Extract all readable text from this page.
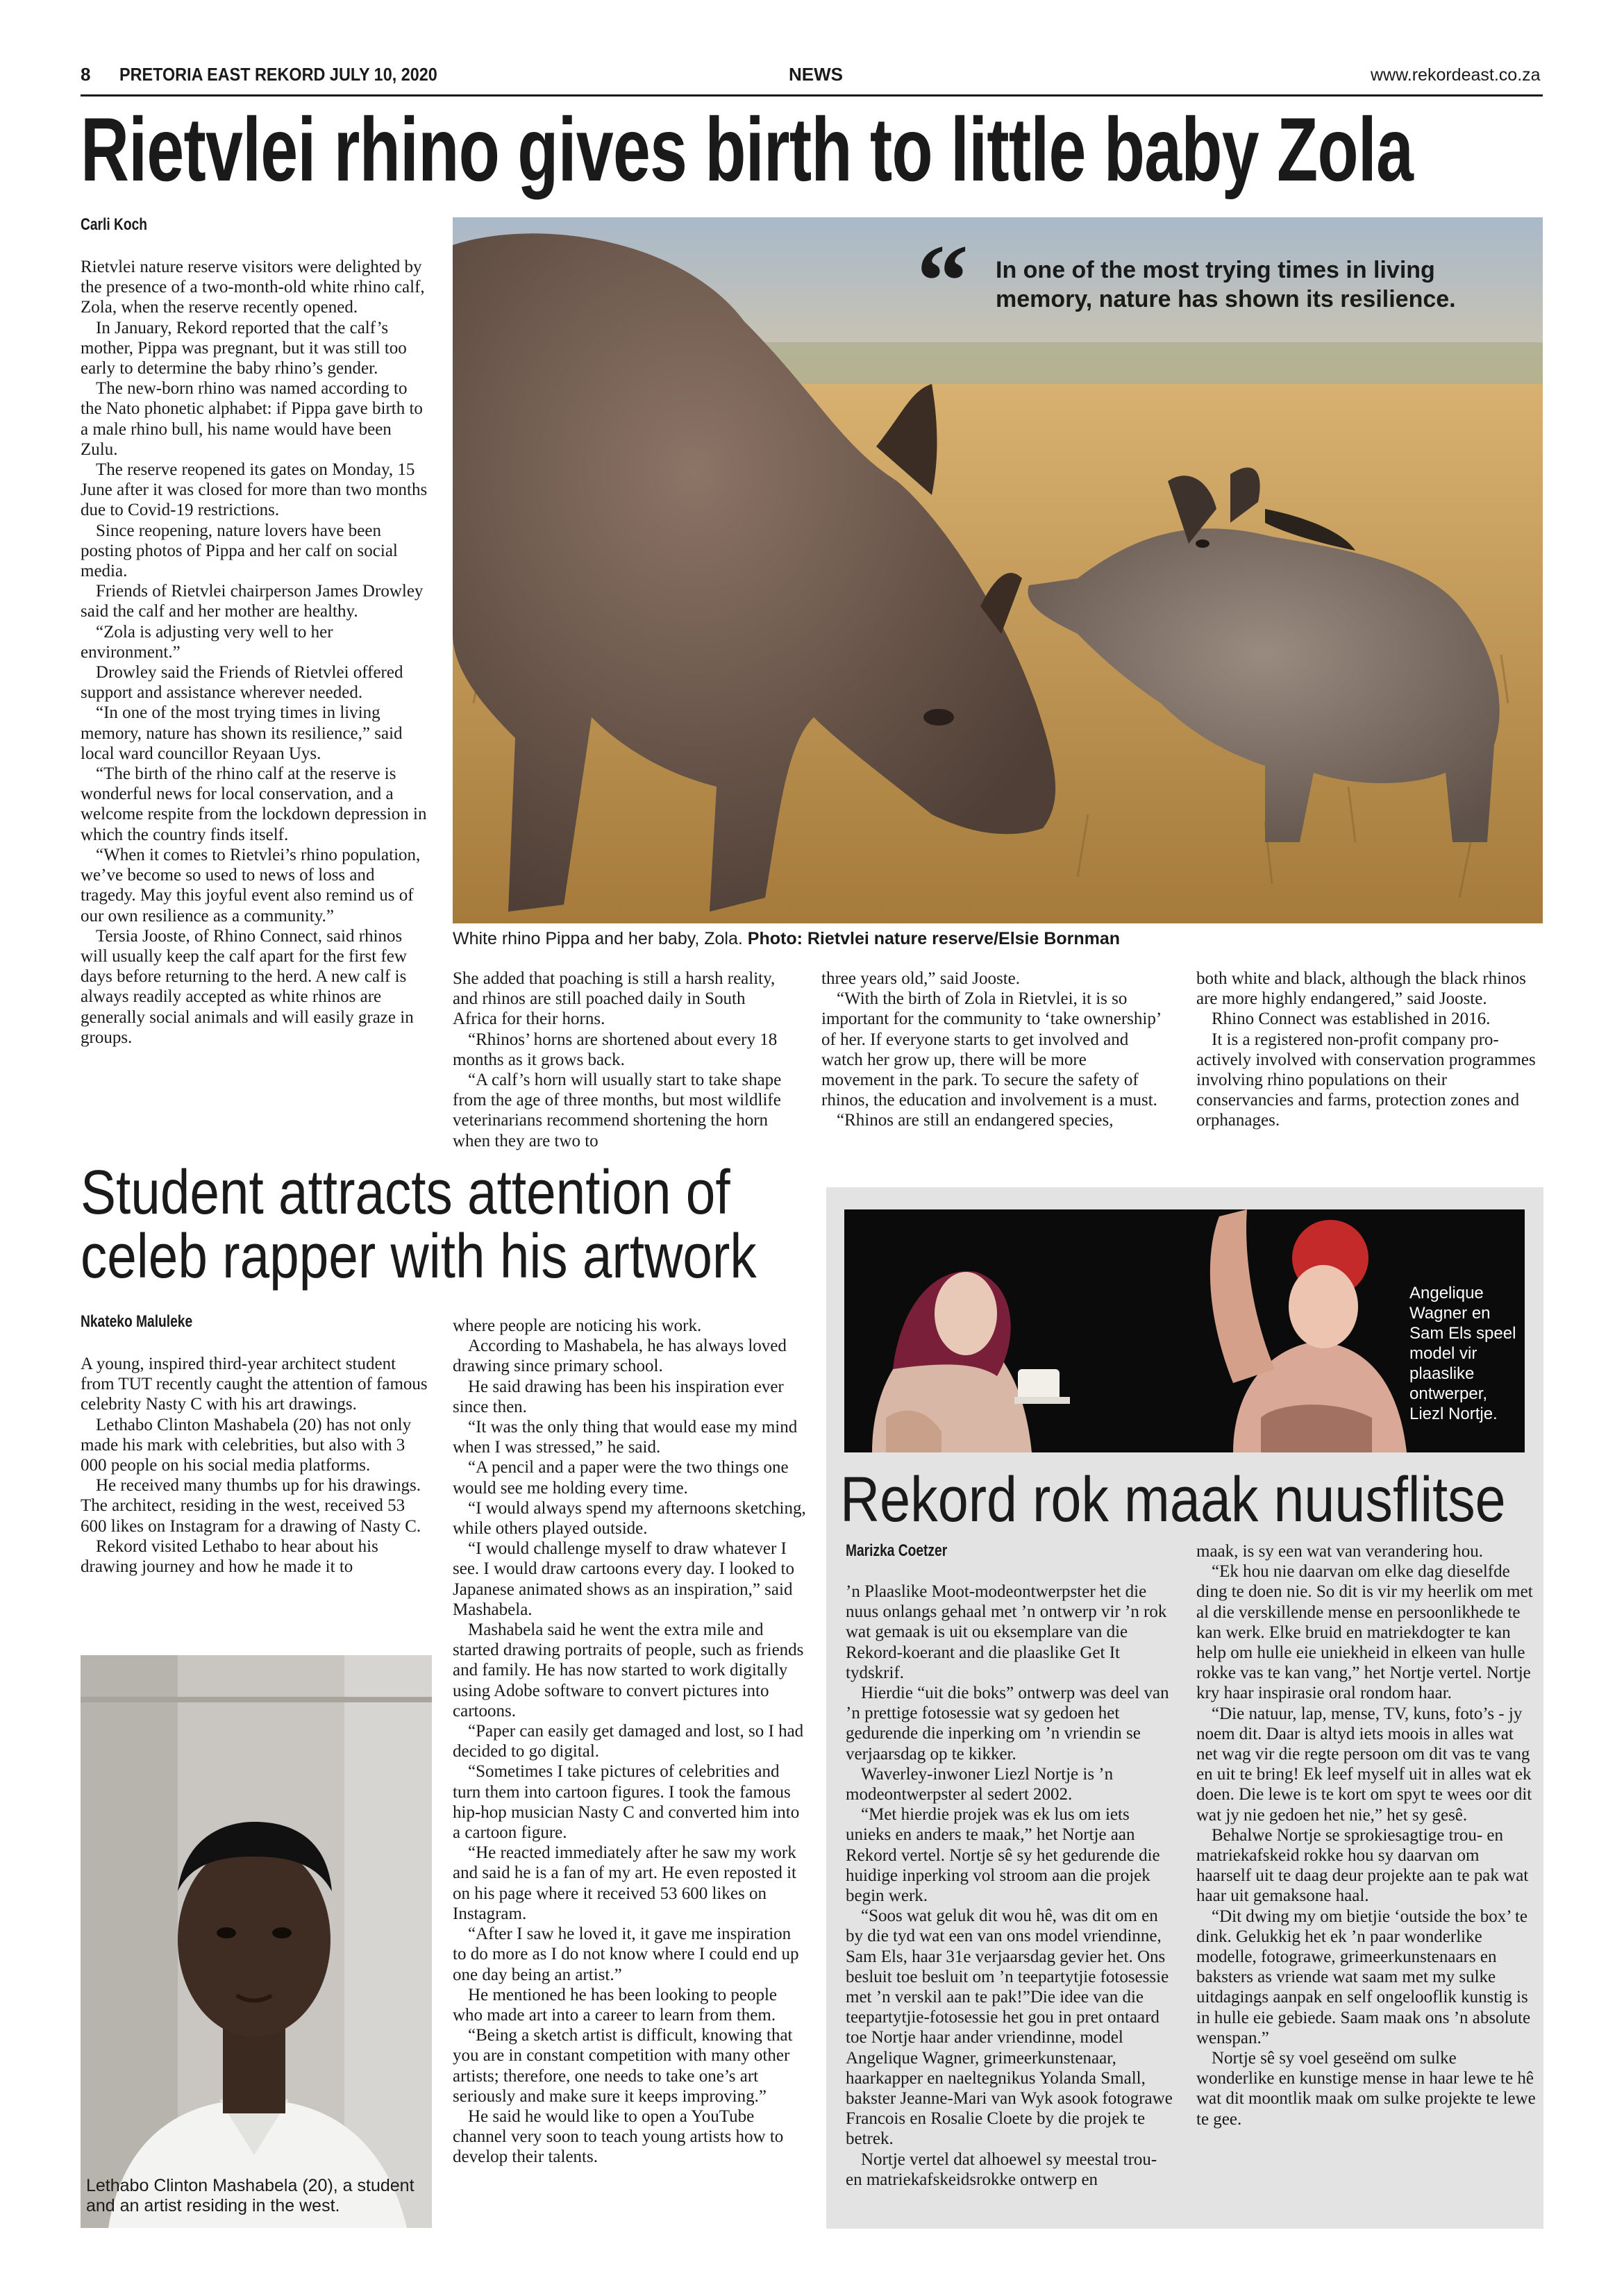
8 PRETORIA EAST REKORD JULY 10, 2020	NEWS	www.rekordeast.co.za
Rietvlei rhino gives birth to little baby Zola
Carli Koch

Rietvlei nature reserve visitors were delighted by the presence of a two-month-old white rhino calf, Zola, when the reserve recently opened.

In January, Rekord reported that the calf’s mother, Pippa was pregnant, but it was still too early to determine the baby rhino’s gender.

The new-born rhino was named according to the Nato phonetic alphabet: if Pippa gave birth to a male rhino bull, his name would have been Zulu.

The reserve reopened its gates on Monday, 15 June after it was closed for more than two months due to Covid-19 restrictions.

Since reopening, nature lovers have been posting photos of Pippa and her calf on social media.

Friends of Rietvlei chairperson James Drowley said the calf and her mother are healthy.

“Zola is adjusting very well to her environment.”

Drowley said the Friends of Rietvlei offered support and assistance wherever needed.

“In one of the most trying times in living memory, nature has shown its resilience,” said local ward councillor Reyaan Uys.

“The birth of the rhino calf at the reserve is wonderful news for local conservation, and a welcome respite from the lockdown depression in which the country finds itself.

“When it comes to Rietvlei’s rhino population, we’ve become so used to news of loss and tragedy. May this joyful event also remind us of our own resilience as a community.”

Tersia Jooste, of Rhino Connect, said rhinos will usually keep the calf apart for the first few days before returning to the herd. A new calf is always readily accepted as white rhinos are generally social animals and will easily graze in groups.

“ In one of the most trying times in living memory, nature has shown its resilience.
White rhino Pippa and her baby, Zola. Photo: Rietvlei nature reserve/Elsie Bornman

She added that poaching is still a harsh reality, and rhinos are still poached daily in South Africa for their horns.

“Rhinos’ horns are shortened about every 18 months as it grows back.

“A calf’s horn will usually start to take shape from the age of three months, but most wildlife veterinarians recommend shortening the horn when they are two to

three years old,” said Jooste.

“With the birth of Zola in Rietvlei, it is so important for the community to ‘take ownership’ of her. If everyone starts to get involved and watch her grow up, there will be more movement in the park. To secure the safety of rhinos, the education and involvement is a must.

“Rhinos are still an endangered species,

both white and black, although the black rhinos are more highly endangered,” said Jooste.

Rhino Connect was established in 2016.

It is a registered non-profit company pro-actively involved with conservation programmes involving rhino populations on their conservancies and farms, protection zones and orphanages.

Student attracts attention of
celeb rapper with his artwork
Nkateko Maluleke

A young, inspired third-year architect student from TUT recently caught the attention of famous celebrity Nasty C with his art drawings.

Lethabo Clinton Mashabela (20) has not only made his mark with celebrities, but also with 3 000 people on his social media platforms.

He received many thumbs up for his drawings. The architect, residing in the west, received 53 600 likes on Instagram for a drawing of Nasty C.

Rekord visited Lethabo to hear about his drawing journey and how he made it to

Lethabo Clinton Mashabela (20), a student and an artist residing in the west.

where people are noticing his work.

According to Mashabela, he has always loved drawing since primary school.

He said drawing has been his inspiration ever since then.

“It was the only thing that would ease my mind when I was stressed,” he said.

“A pencil and a paper were the two things one would see me holding every time.

“I would always spend my afternoons sketching, while others played outside.

“I would challenge myself to draw whatever I see. I would draw cartoons every day. I looked to Japanese animated shows as an inspiration,” said Mashabela.

Mashabela said he went the extra mile and started drawing portraits of people, such as friends and family. He has now started to work digitally using Adobe software to convert pictures into cartoons.

“Paper can easily get damaged and lost, so I had decided to go digital.

“Sometimes I take pictures of celebrities and turn them into cartoon figures. I took the famous hip-hop musician Nasty C and converted him into a cartoon figure.

“He reacted immediately after he saw my work and said he is a fan of my art. He even reposted it on his page where it received 53 600 likes on Instagram.

“After I saw he loved it, it gave me inspiration to do more as I do not know where I could end up one day being an artist.”

He mentioned he has been looking to people who made art into a career to learn from them.

“Being a sketch artist is difficult, knowing that you are in constant competition with many other artists; therefore, one needs to take one’s art seriously and make sure it keeps improving.”

He said he would like to open a YouTube channel very soon to teach young artists how to develop their talents.

Angelique Wagner en Sam Els speel model vir plaaslike ontwerper, Liezl Nortje.
Rekord rok maak nuusflitse
Marizka Coetzer

’n Plaaslike Moot-modeontwerpster het die nuus onlangs gehaal met ’n ontwerp vir ’n rok wat gemaak is uit ou eksemplare van die Rekord-koerant and die plaaslike Get It tydskrif.

Hierdie “uit die boks” ontwerp was deel van ’n prettige fotosessie wat sy gedoen het gedurende die inperking om ’n vriendin se verjaarsdag op te kikker.

Waverley-inwoner Liezl Nortje is ’n modeontwerpster al sedert 2002.

“Met hierdie projek was ek lus om iets unieks en anders te maak,” het Nortje aan Rekord vertel. Nortje sê sy het gedurende die huidige inperking vol stroom aan die projek begin werk.

“Soos wat geluk dit wou hê, was dit om en by die tyd wat een van ons model vriendinne, Sam Els, haar 31e verjaarsdag gevier het. Ons besluit toe besluit om ’n teepartytjie fotosessie met ’n verskil aan te pak!”Die idee van die teepartytjie-fotosessie het gou in pret ontaard toe Nortje haar ander vriendinne, model Angelique Wagner, grimeerkunstenaar, haarkapper en naeltegnikus Yolanda Small, bakster Jeanne-Mari van Wyk asook fotograwe Francois en Rosalie Cloete by die projek te betrek.

Nortje vertel dat alhoewel sy meestal trou- en matriekafskeidsrokke ontwerp en

maak, is sy een wat van verandering hou.

“Ek hou nie daarvan om elke dag dieselfde ding te doen nie. So dit is vir my heerlik om met al die verskillende mense en persoonlikhede te kan werk. Elke bruid en matriekdogter te kan help om hulle eie uniekheid in elkeen van hulle rokke vas te kan vang,” het Nortje vertel. Nortje kry haar inspirasie oral rondom haar.

“Die natuur, lap, mense, TV, kuns, foto’s - jy noem dit. Daar is altyd iets moois in alles wat net wag vir die regte persoon om dit vas te vang en uit te bring! Ek leef myself uit in alles wat ek doen. Die lewe is te kort om spyt te wees oor dit wat jy nie gedoen het nie,” het sy gesê.

Behalwe Nortje se sprokiesagtige trou- en matriekafskeid rokke hou sy daarvan om haarself uit te daag deur projekte aan te pak wat haar uit gemaksone haal.

“Dit dwing my om bietjie ‘outside the box’ te dink. Gelukkig het ek ’n paar wonderlike modelle, fotograwe, grimeerkunstenaars en baksters as vriende wat saam met my sulke uitdagings aanpak en self ongelooflik kunstig is in hulle eie gebiede. Saam maak ons ’n absolute wenspan.”

Nortje sê sy voel geseënd om sulke wonderlike en kunstige mense in haar lewe te hê wat dit moontlik maak om sulke projekte te lewe te gee.
